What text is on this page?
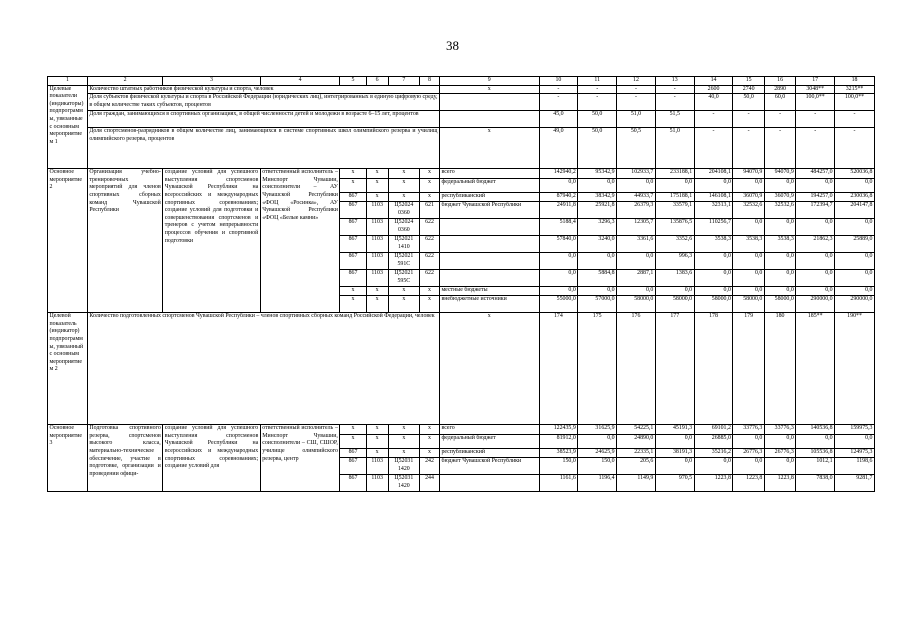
38
1	2	3	4	5	6	7	8	9	10	11	12	13	14	15	16	17	18
Целевые показатели (индикаторы) подпрограммы, увязанные с основным мероприятием 1	Количество штатных работников физической культуры и спорта, человек							x	-	-	-	-	2600	2740	2890	3048**	3215**
	Доля субъектов физической культуры и спорта в Российской Федерации (юридических лиц), интегрированных в единую цифровую среду, в общем количестве таких субъектов, процентов								-	-	-	-	40,0	50,0	60,0	100,0**	100,0**
	Доля граждан, занимающихся в спортивных организациях, в общей численности детей и молодежи в возрасте 6–15 лет, процентов								45,0	50,0	51,0	51,5	-	-	-	-	-
	Доля спортсменов-разрядников в общем количестве лиц, занимающихся в системе спортивных школ олимпийского резерва и училищ олимпийского резерва, процентов							x	49,0	50,0	50,5	51,0	-	-	-	-	-
Основное мероприятие 2	Организация учебно-тренировочных мероприятий для членов спортивных сборных команд Чувашской Республики	создание условий для успешного выступления спортсменов Чувашской Республики на всероссийских и международных спортивных соревнованиях; создание условий для подготовки и совершенствования спортсменов и тренеров с учетом непрерывности процессов обучения и спортивной подготовки	ответственный исполнитель – Минспорт Чувашии, соисполнители – АУ Чувашской Республики «ФОЦ «Росинка», АУ Чувашской Республики «ФОЦ «Белые камни»	x	x	x	x	всего	142940,2	95342,9	102933,7	233188,1	204108,1	94070,9	94070,9	484257,0	520036,8
				x	x	x	x	федеральный бюджет	0,0	0,0	0,0	0,0	0,0	0,0	0,0	0,0	0,0
				867	x	x	x	республиканский	87940,2	38342,9	44933,7	175188,1	146108,1	36070,9	36070,9	194257,0	230036,8
				867	1103	Ц52024 0360	621	бюджет Чувашской Республики	24911,8	25921,8	26379,3	33579,1	32313,1	32532,6	32532,6	172394,7	204147,8
				867	1103	Ц52024 0360	622		5188,4	3296,3	12305,7	135876,5	110256,7	0,0	0,0	0,0	0,0
				867	1103	Ц52021 1410	622		57840,0	3240,0	3361,6	3352,6	3538,3	3538,3	3538,3	21862,3	25889,0
				867	1103	Ц52021 591C	622		0,0	0,0	0,0	996,3	0,0	0,0	0,0	0,0	0,0
				867	1103	Ц52021 595C	622		0,0	5884,8	2887,1	1383,6	0,0	0,0	0,0	0,0	0,0
				x	x	x	x	местные бюджеты	0,0	0,0	0,0	0,0	0,0	0,0	0,0	0,0	0,0
				x	x	x	x	внебюджетные источники	55000,0	57000,0	58000,0	58000,0	58000,0	58000,0	58000,0	290000,0	290000,0
Целевой показатель (индикатор) подпрограммы, увязанный с основным мероприятием 2	Количество подготовленных спортсменов Чувашской Республики – членов спортивных сборных команд Российской Федерации, человек							x	174	175	176	177	178	179	180	185**	190**
Основное мероприятие 3	Подготовка спортивного резерва, спортсменов высокого класса, материально-техническое обеспечение, участие в подготовке, организации и проведении офици-	создание условий для успешного выступления спортсменов Чувашской Республики на всероссийских и международных спортивных соревнованиях; создание условий для	ответственный исполнитель – Минспорт Чувашии, соисполнители – СШ, СШОР, училище олимпийского резерва, центр	x	x	x	x	всего	122435,9	31625,9	54225,1	45191,3	69101,2	33776,3	33776,3	140536,8	159975,3
				x	x	x	x	федеральный бюджет	81912,0	0,0	24890,0	0,0	26885,0	0,0	0,0	0,0	0,0
				867	x	x	x	республиканский	38523,9	24625,9	22335,1	38191,3	35216,2	26776,3	26776,3	105536,8	124975,3
				867	1103	Ц52031 1420	242	бюджет Чувашской Республики	150,0	150,0	205,6	0,0	0,0	0,0	0,0	1012,1	1198,6
				867	1103	Ц52031 1420	244		1161,6	1196,4	1149,9	970,5	1223,8	1223,8	1223,8	7838,0	9281,7
